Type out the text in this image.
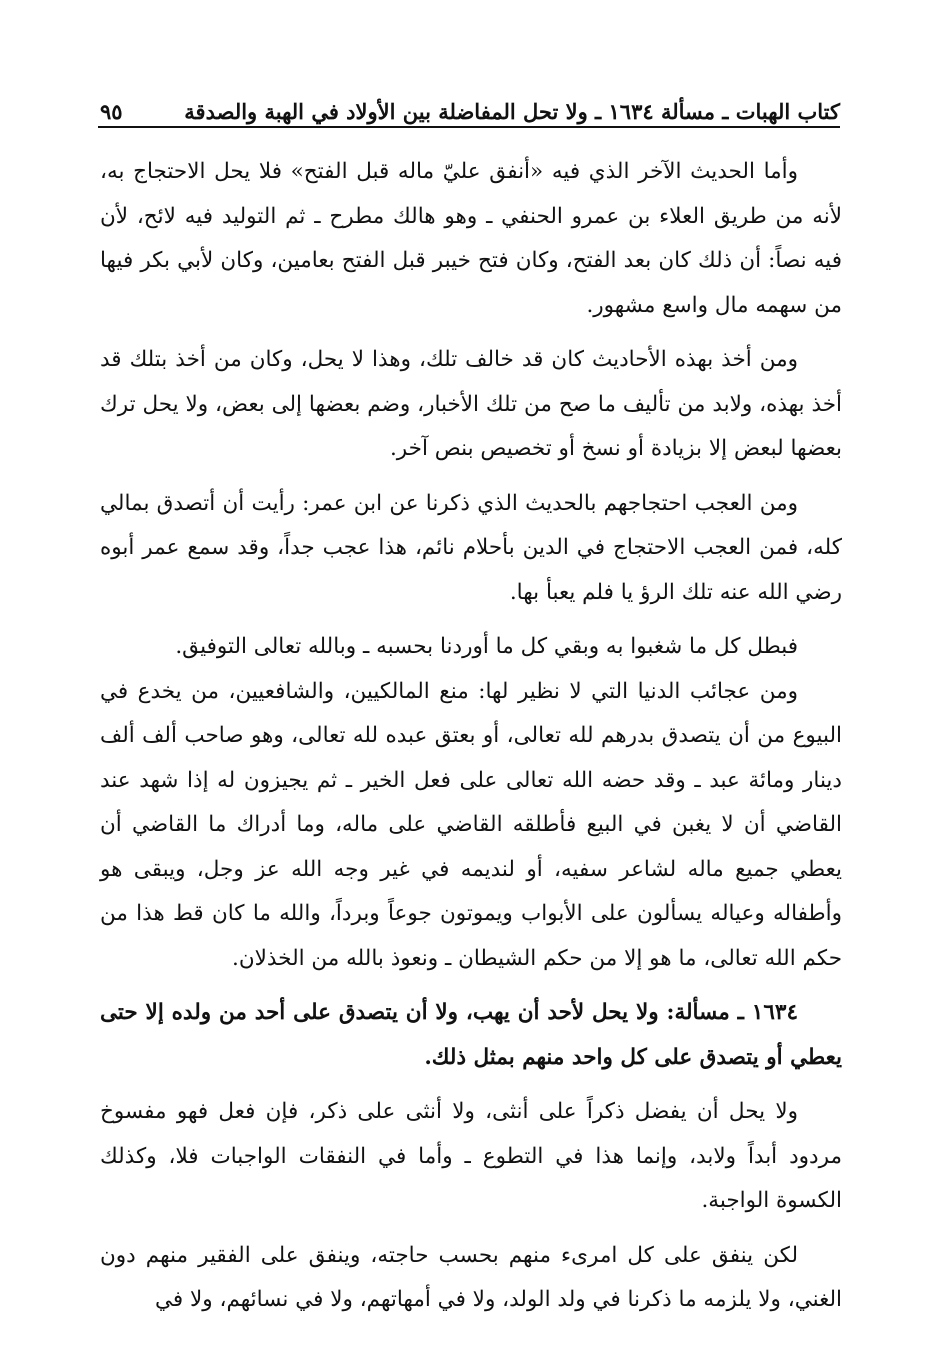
كتاب الهبات ـ مسألة ١٦٣٤ ـ ولا تحل المفاضلة بين الأولاد في الهبة والصدقة
٩٥

وأما الحديث الآخر الذي فيه «أنفق عليّ ماله قبل الفتح» فلا يحل الاحتجاج به، لأنه من طريق العلاء بن عمرو الحنفي ـ وهو هالك مطرح ـ ثم التوليد فيه لائح، لأن فيه نصاً: أن ذلك كان بعد الفتح، وكان فتح خيبر قبل الفتح بعامين، وكان لأبي بكر فيها من سهمه مال واسع مشهور.

ومن أخذ بهذه الأحاديث كان قد خالف تلك، وهذا لا يحل، وكان من أخذ بتلك قد أخذ بهذه، ولابد من تأليف ما صح من تلك الأخبار، وضم بعضها إلى بعض، ولا يحل ترك بعضها لبعض إلا بزيادة أو نسخ أو تخصيص بنص آخر.

ومن العجب احتجاجهم بالحديث الذي ذكرنا عن ابن عمر: رأيت أن أتصدق بمالي كله، فمن العجب الاحتجاج في الدين بأحلام نائم، هذا عجب جداً، وقد سمع عمر أبوه رضي الله عنه تلك الرؤ يا فلم يعبأ بها.

فبطل كل ما شغبوا به وبقي كل ما أوردنا بحسبه ـ وبالله تعالى التوفيق.

ومن عجائب الدنيا التي لا نظير لها: منع المالكيين، والشافعيين، من يخدع في البيوع من أن يتصدق بدرهم لله تعالى، أو بعتق عبده لله تعالى، وهو صاحب ألف ألف دينار ومائة عبد ـ وقد حضه الله تعالى على فعل الخير ـ ثم يجيزون له إذا شهد عند القاضي أن لا يغبن في البيع فأطلقه القاضي على ماله، وما أدراك ما القاضي أن يعطي جميع ماله لشاعر سفيه، أو لنديمه في غير وجه الله عز وجل، ويبقى هو وأطفاله وعياله يسألون على الأبواب ويموتون جوعاً وبرداً، والله ما كان قط هذا من حكم الله تعالى، ما هو إلا من حكم الشيطان ـ ونعوذ بالله من الخذلان.

١٦٣٤ ـ مسألة: ولا يحل لأحد أن يهب، ولا أن يتصدق على أحد من ولده إلا حتى يعطي أو يتصدق على كل واحد منهم بمثل ذلك.

ولا يحل أن يفضل ذكراً على أنثى، ولا أنثى على ذكر، فإن فعل فهو مفسوخ مردود أبداً ولابد، وإنما هذا في التطوع ـ وأما في النفقات الواجبات فلا، وكذلك الكسوة الواجبة.

لكن ينفق على كل امرىء منهم بحسب حاجته، وينفق على الفقير منهم دون الغني، ولا يلزمه ما ذكرنا في ولد الولد، ولا في أمهاتهم، ولا في نسائهم، ولا في
